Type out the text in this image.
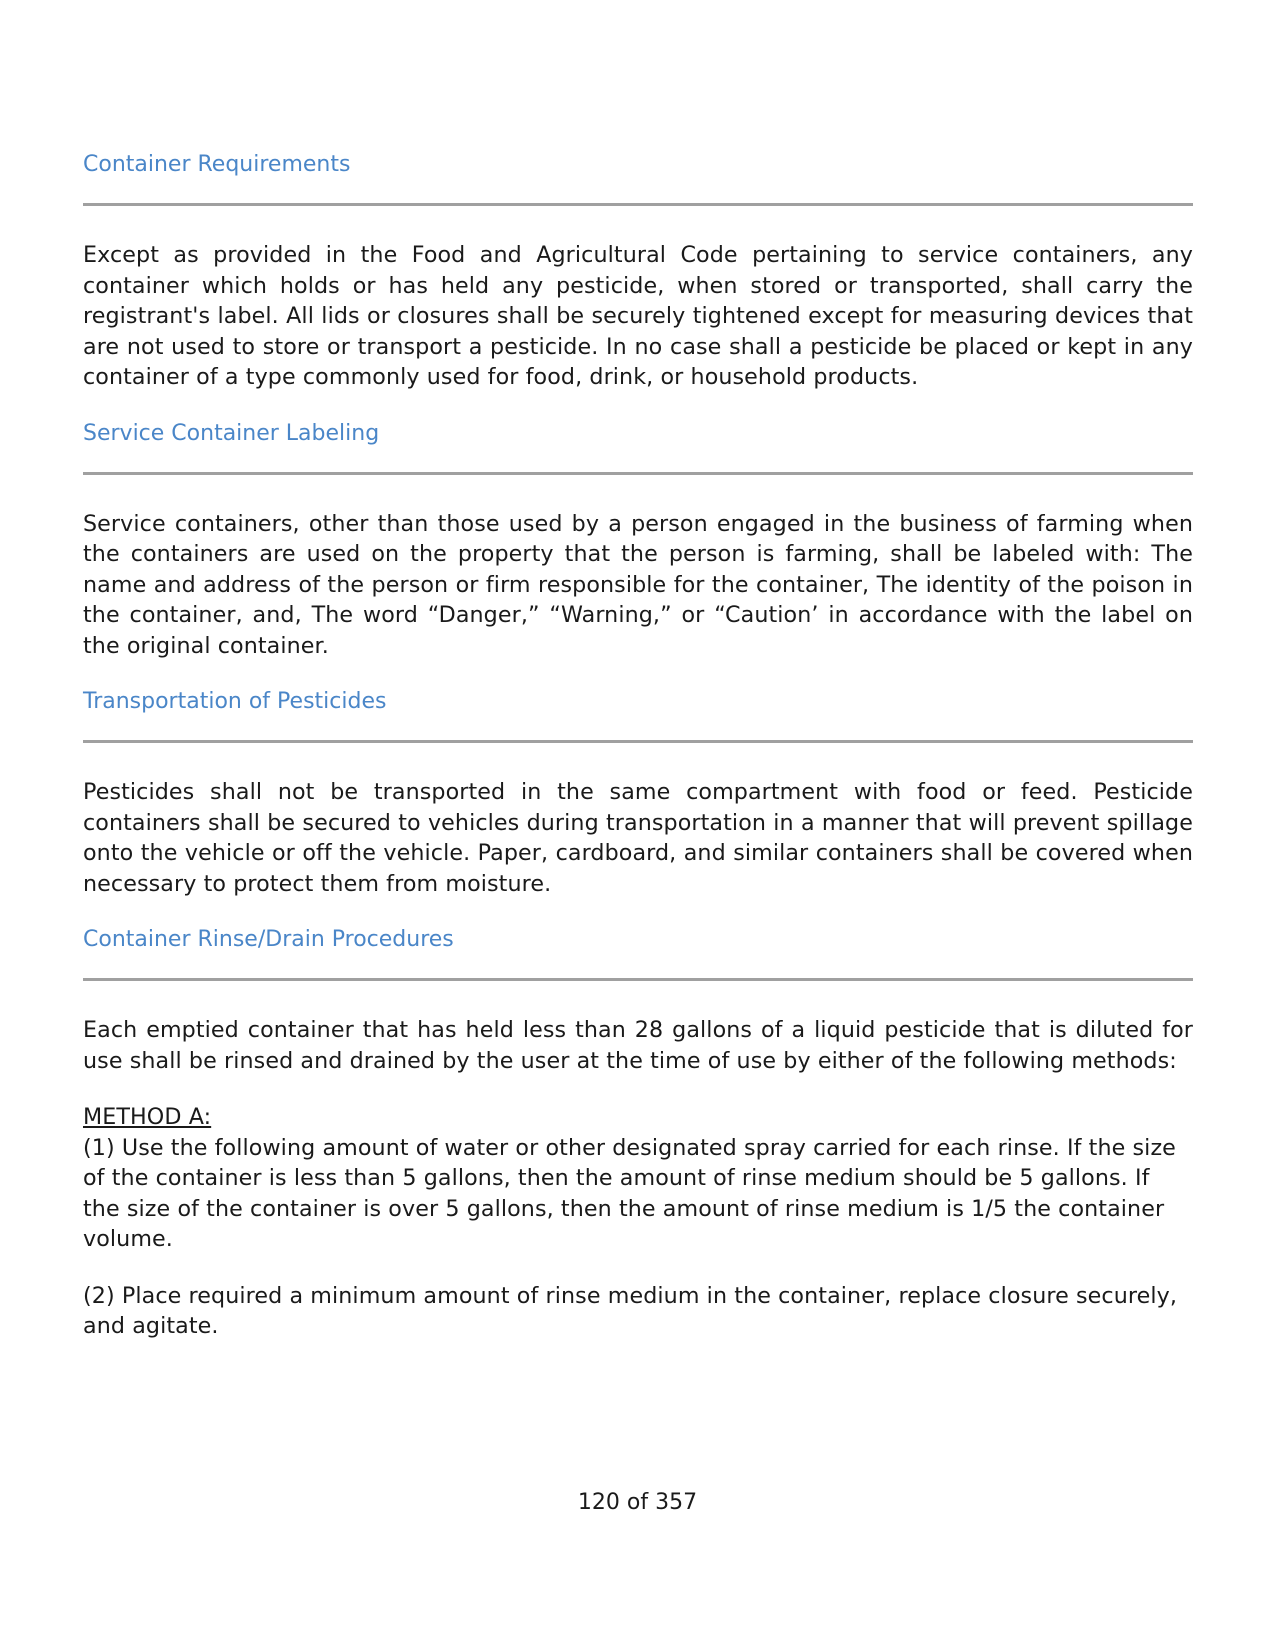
Container Requirements

Except as provided in the Food and Agricultural Code pertaining to service containers, any container which holds or has held any pesticide, when stored or transported, shall carry the registrant's label. All lids or closures shall be securely tightened except for measuring devices that are not used to store or transport a pesticide. In no case shall a pesticide be placed or kept in any container of a type commonly used for food, drink, or household products.

Service Container Labeling

Service containers, other than those used by a person engaged in the business of farming when the containers are used on the property that the person is farming, shall be labeled with: The name and address of the person or firm responsible for the container, The identity of the poison in the container, and, The word “Danger,” “Warning,” or “Caution’ in accordance with the label on the original container.

Transportation of Pesticides

Pesticides shall not be transported in the same compartment with food or feed. Pesticide containers shall be secured to vehicles during transportation in a manner that will prevent spillage onto the vehicle or off the vehicle. Paper, cardboard, and similar containers shall be covered when necessary to protect them from moisture.

Container Rinse/Drain Procedures

Each emptied container that has held less than 28 gallons of a liquid pesticide that is diluted for use shall be rinsed and drained by the user at the time of use by either of the following methods:

METHOD A:
(1) Use the following amount of water or other designated spray carried for each rinse. If the size of the container is less than 5 gallons, then the amount of rinse medium should be 5 gallons. If the size of the container is over 5 gallons, then the amount of rinse medium is 1/5 the container volume.

(2) Place required a minimum amount of rinse medium in the container, replace closure securely, and agitate.

120 of 357
